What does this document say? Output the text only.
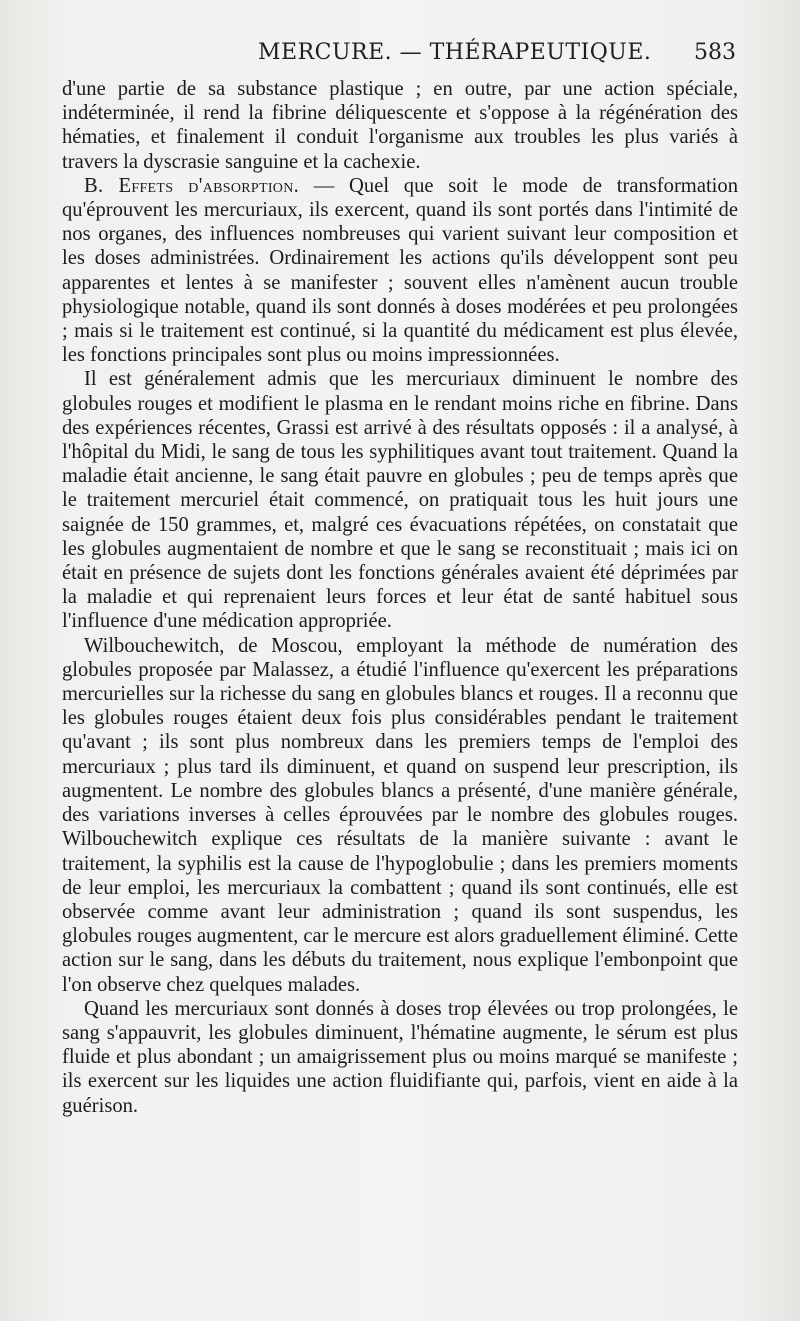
MERCURE. — THÉRAPEUTIQUE. 583

d'une partie de sa substance plastique ; en outre, par une action spéciale, indéterminée, il rend la fibrine déliquescente et s'oppose à la régénération des hématies, et finalement il conduit l'organisme aux troubles les plus variés à travers la dyscrasie sanguine et la cachexie.

B. Effets d'absorption. — Quel que soit le mode de transformation qu'éprouvent les mercuriaux, ils exercent, quand ils sont portés dans l'intimité de nos organes, des influences nombreuses qui varient suivant leur composition et les doses administrées. Ordinairement les actions qu'ils développent sont peu apparentes et lentes à se manifester ; souvent elles n'amènent aucun trouble physiologique notable, quand ils sont donnés à doses modérées et peu prolongées ; mais si le traitement est continué, si la quantité du médicament est plus élevée, les fonctions principales sont plus ou moins impressionnées.

Il est généralement admis que les mercuriaux diminuent le nombre des globules rouges et modifient le plasma en le rendant moins riche en fibrine. Dans des expériences récentes, Grassi est arrivé à des résultats opposés : il a analysé, à l'hôpital du Midi, le sang de tous les syphilitiques avant tout traitement. Quand la maladie était ancienne, le sang était pauvre en globules ; peu de temps après que le traitement mercuriel était commencé, on pratiquait tous les huit jours une saignée de 150 grammes, et, malgré ces évacuations répétées, on constatait que les globules augmentaient de nombre et que le sang se reconstituait ; mais ici on était en présence de sujets dont les fonctions générales avaient été déprimées par la maladie et qui reprenaient leurs forces et leur état de santé habituel sous l'influence d'une médication appropriée.

Wilbouchewitch, de Moscou, employant la méthode de numération des globules proposée par Malassez, a étudié l'influence qu'exercent les préparations mercurielles sur la richesse du sang en globules blancs et rouges. Il a reconnu que les globules rouges étaient deux fois plus considérables pendant le traitement qu'avant ; ils sont plus nombreux dans les premiers temps de l'emploi des mercuriaux ; plus tard ils diminuent, et quand on suspend leur prescription, ils augmentent. Le nombre des globules blancs a présenté, d'une manière générale, des variations inverses à celles éprouvées par le nombre des globules rouges. Wilbouchewitch explique ces résultats de la manière suivante : avant le traitement, la syphilis est la cause de l'hypoglobulie ; dans les premiers moments de leur emploi, les mercuriaux la combattent ; quand ils sont continués, elle est observée comme avant leur administration ; quand ils sont suspendus, les globules rouges augmentent, car le mercure est alors graduellement éliminé. Cette action sur le sang, dans les débuts du traitement, nous explique l'embonpoint que l'on observe chez quelques malades.

Quand les mercuriaux sont donnés à doses trop élevées ou trop prolongées, le sang s'appauvrit, les globules diminuent, l'hématine augmente, le sérum est plus fluide et plus abondant ; un amaigrissement plus ou moins marqué se manifeste ; ils exercent sur les liquides une action fluidifiante qui, parfois, vient en aide à la guérison.
